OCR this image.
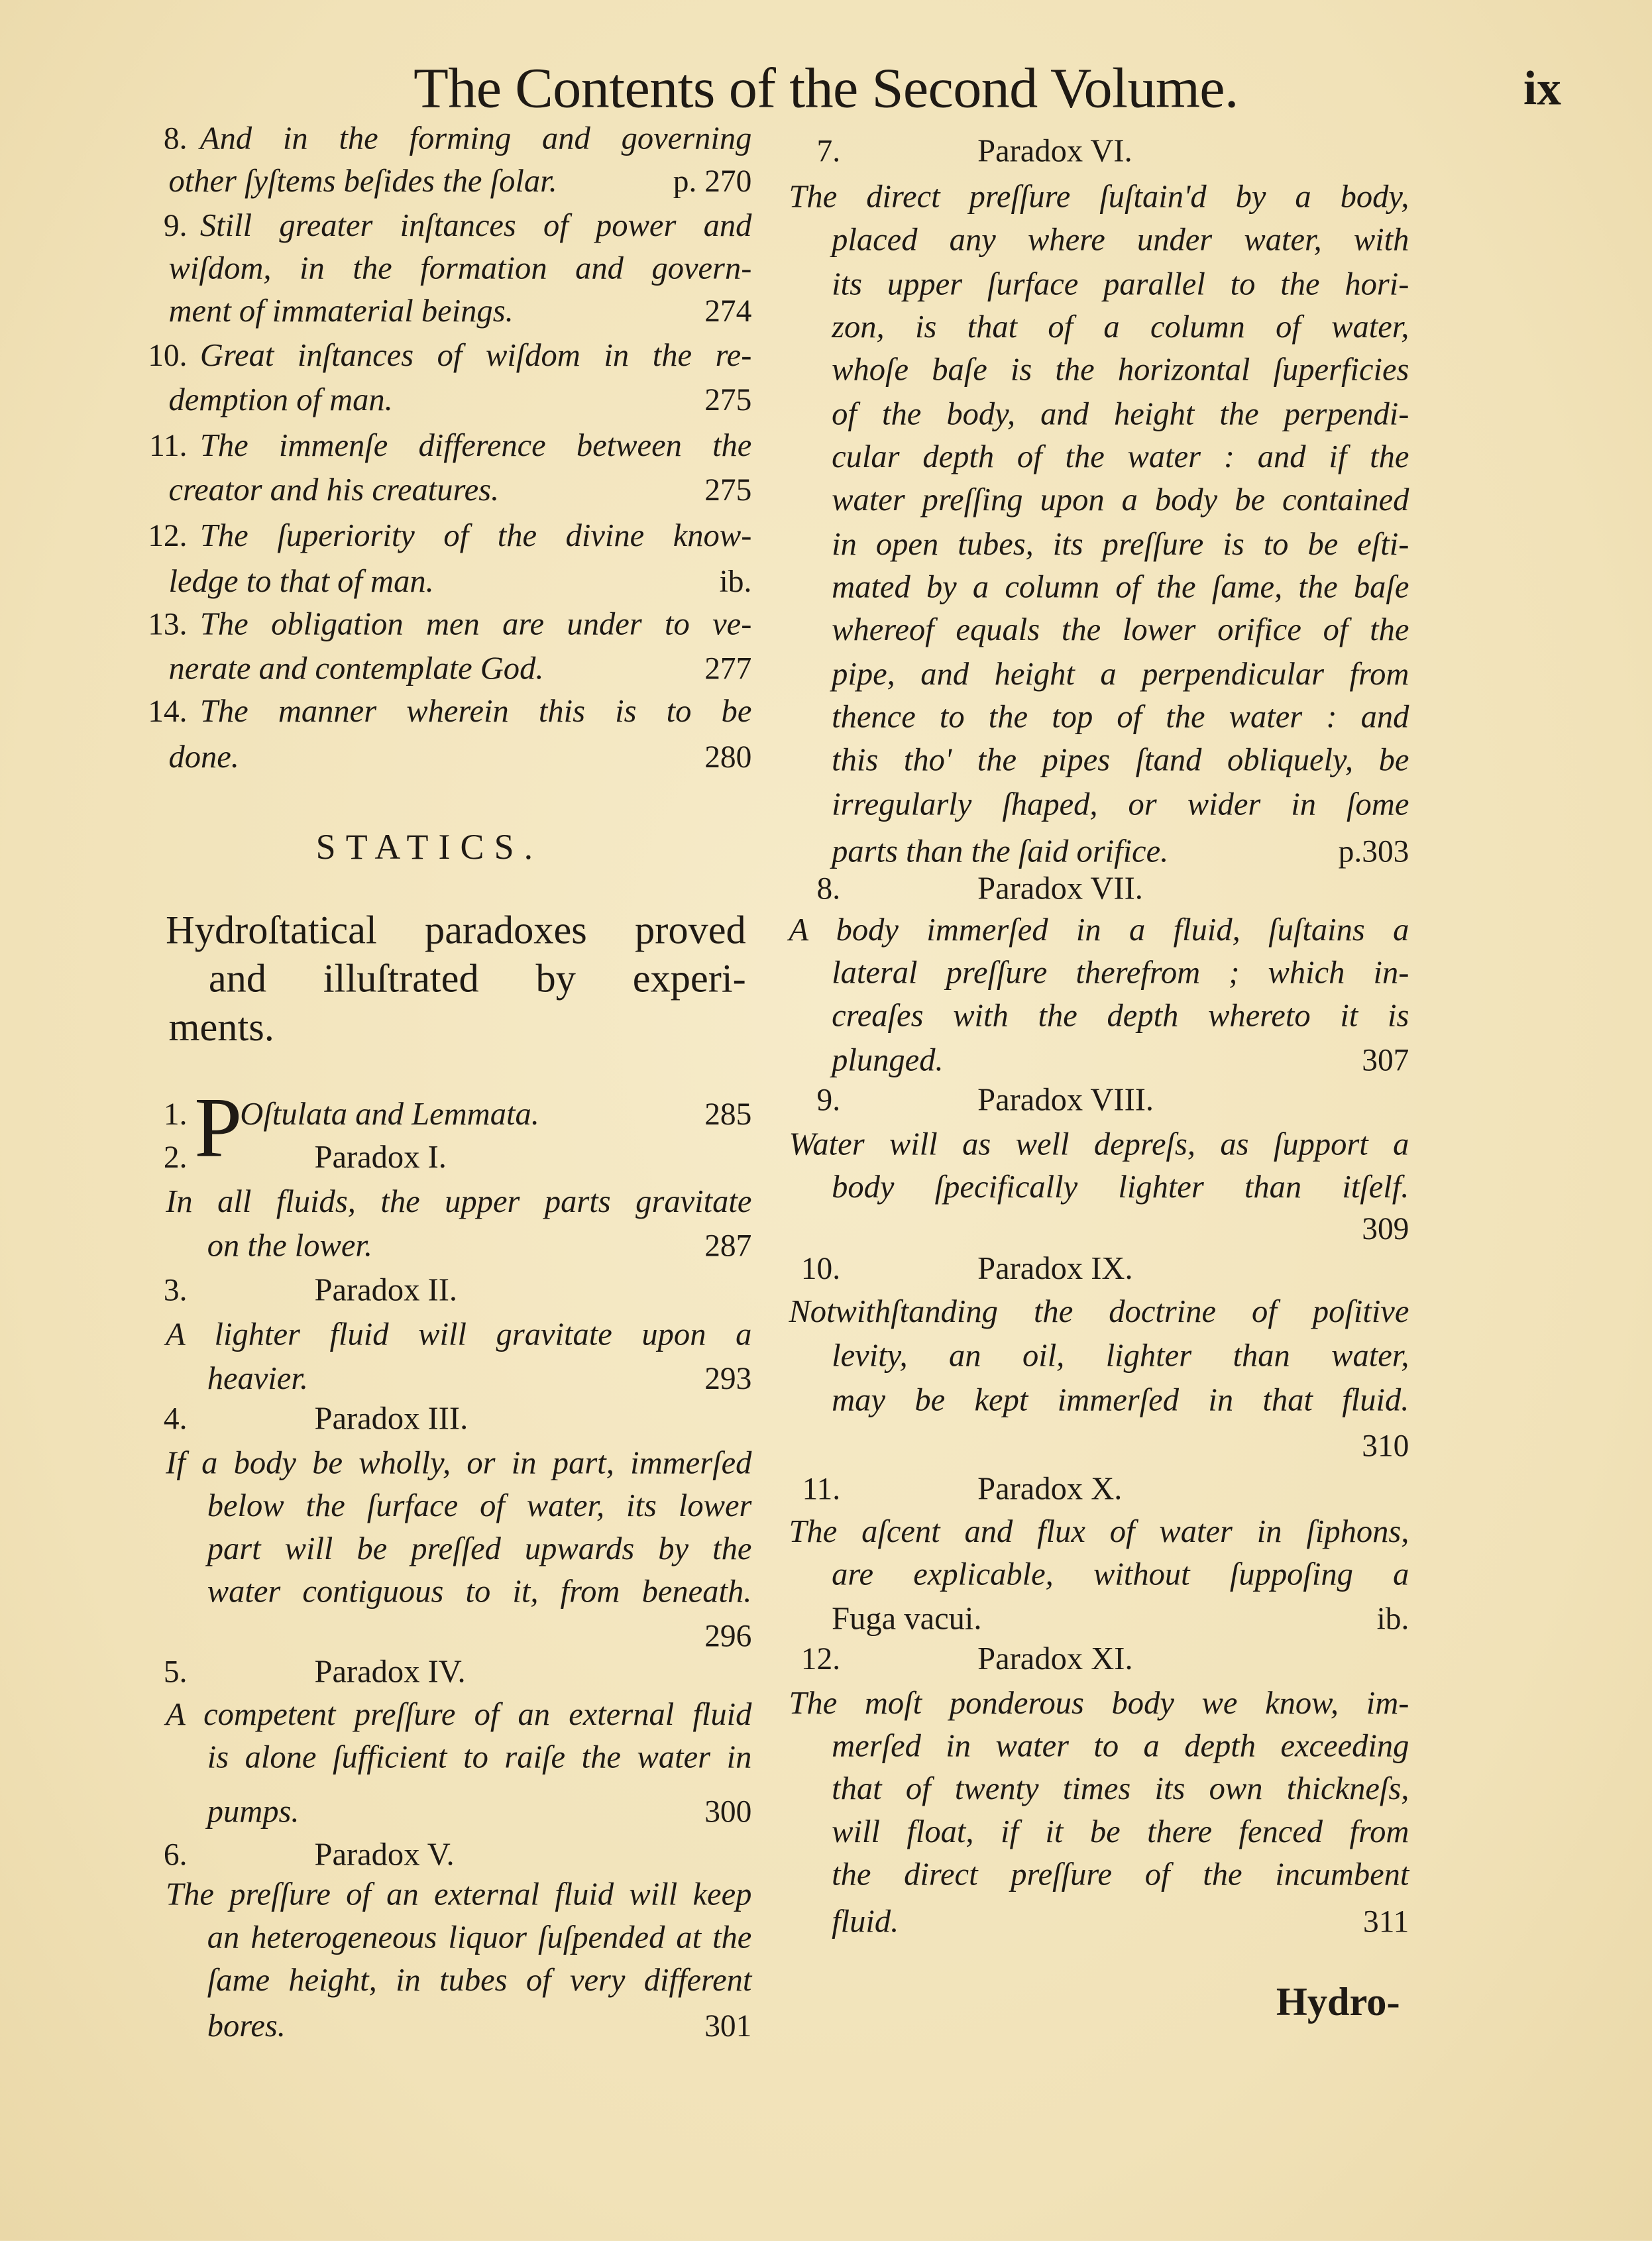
The Contents of the Second Volume.	ix
STATICS.
Hydroſtatical paradoxes proved
and illuſtrated by experi-
ments.
8. And in the forming and governing
other ſyſtems beſides the ſolar.	p. 270
9. Still greater inſtances of power and
wiſdom, in the formation and govern-
ment of immaterial beings.	274
10. Great inſtances of wiſdom in the re-
demption of man.	275
11. The immenſe difference between the
creator and his creatures.	275
12. The ſuperiority of the divine know-
ledge to that of man.	ib.
13. The obligation men are under to ve-
nerate and contemplate God.	277
14. The manner wherein this is to be
done.	280
1. P
Oſtulata and Lemmata.	285
2.	Paradox I.
In all fluids, the upper parts gravitate
on the lower.	287
3.	Paradox II.
A lighter fluid will gravitate upon a
heavier.	293
4.	Paradox III.
If a body be wholly, or in part, immerſed
below the ſurface of water, its lower
part will be preſſed upwards by the
water contiguous to it, from beneath.
296
5.	Paradox IV.
A competent preſſure of an external fluid
is alone ſufficient to raiſe the water in
pumps.	300
6.	Paradox V.
The preſſure of an external fluid will keep
an heterogeneous liquor ſuſpended at the
ſame height, in tubes of very different
bores.	301
7.	Paradox VI.
The direct preſſure ſuſtain'd by a body,
placed any where under water, with
its upper ſurface parallel to the hori-
zon, is that of a column of water,
whoſe baſe is the horizontal ſuperficies
of the body, and height the perpendi-
cular depth of the water : and if the
water preſſing upon a body be contained
in open tubes, its preſſure is to be eſti-
mated by a column of the ſame, the baſe
whereof equals the lower orifice of the
pipe, and height a perpendicular from
thence to the top of the water : and
this tho' the pipes ſtand obliquely, be
irregularly ſhaped, or wider in ſome
parts than the ſaid orifice.	p.303
8.	Paradox VII.
A body immerſed in a fluid, ſuſtains a
lateral preſſure therefrom ; which in-
creaſes with the depth whereto it is
plunged.	307
9.	Paradox VIII.
Water will as well depreſs, as ſupport a
body ſpecifically lighter than itſelf.
309
10.	Paradox IX.
Notwithſtanding the doctrine of poſitive
levity, an oil, lighter than water,
may be kept immerſed in that fluid.
310
11.	Paradox X.
The aſcent and flux of water in ſiphons,
are explicable, without ſuppoſing a
Fuga vacui.	ib.
12.	Paradox XI.
The moſt ponderous body we know, im-
merſed in water to a depth exceeding
that of twenty times its own thickneſs,
will float, if it be there fenced from
the direct preſſure of the incumbent
fluid.	311
Hydro-
